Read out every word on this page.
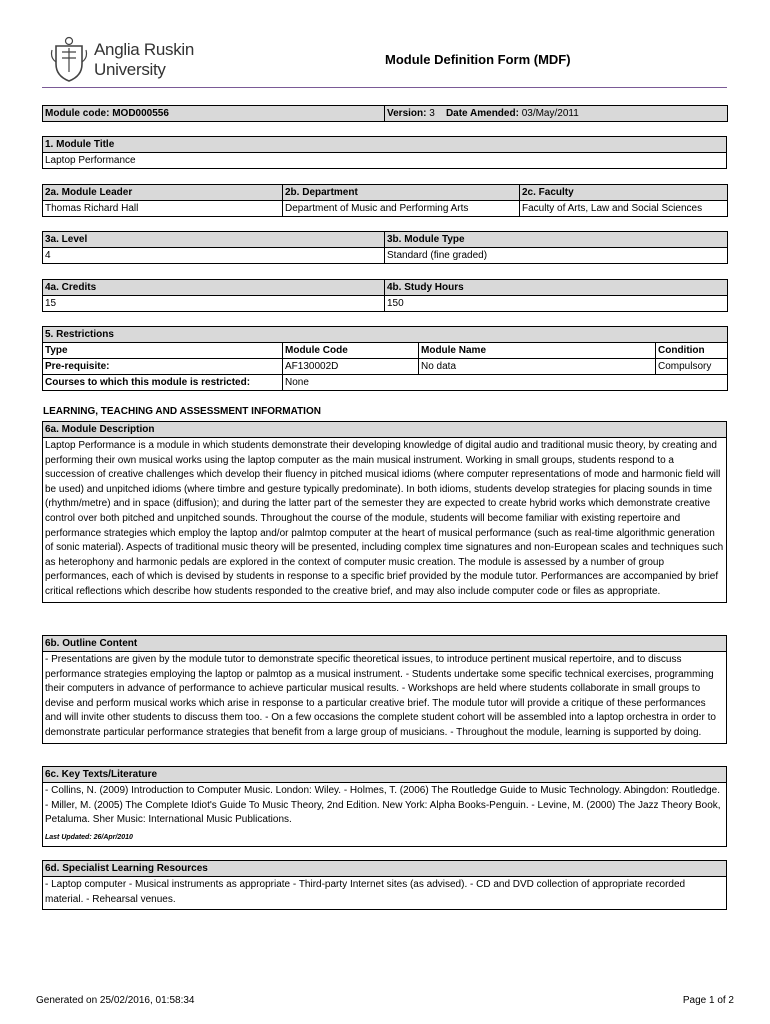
Anglia Ruskin
University
Module Definition Form (MDF)
Module code: MOD000556	Version: 3 Date Amended: 03/May/2011
1. Module Title
Laptop Performance
2a. Module Leader	2b. Department	2c. Faculty
Thomas Richard Hall	Department of Music and Performing Arts	Faculty of Arts, Law and Social Sciences
3a. Level	3b. Module Type
4	Standard (fine graded)
4a. Credits	4b. Study Hours
15	150
5. Restrictions			
Type	Module Code	Module Name	Condition
Pre-requisite:	AF130002D	No data	Compulsory
Courses to which this module is restricted:	None		
LEARNING, TEACHING AND ASSESSMENT INFORMATION
6a. Module Description
Laptop Performance is a module in which students demonstrate their developing knowledge of digital audio and traditional music theory, by creating and performing their own musical works using the laptop computer as the main musical instrument. Working in small groups, students respond to a succession of creative challenges which develop their fluency in pitched musical idioms (where computer representations of mode and harmonic field will be used) and unpitched idioms (where timbre and gesture typically predominate). In both idioms, students develop strategies for placing sounds in time (rhythm/metre) and in space (diffusion); and during the latter part of the semester they are expected to create hybrid works which demonstrate creative control over both pitched and unpitched sounds. Throughout the course of the module, students will become familiar with existing repertoire and performance strategies which employ the laptop and/or palmtop computer at the heart of musical performance (such as real-time algorithmic generation of sonic material). Aspects of traditional music theory will be presented, including complex time signatures and non-European scales and techniques such as heterophony and harmonic pedals are explored in the context of computer music creation. The module is assessed by a number of group performances, each of which is devised by students in response to a specific brief provided by the module tutor. Performances are accompanied by brief critical reflections which describe how students responded to the creative brief, and may also include computer code or files as appropriate.
6b. Outline Content
- Presentations are given by the module tutor to demonstrate specific theoretical issues, to introduce pertinent musical repertoire, and to discuss performance strategies employing the laptop or palmtop as a musical instrument. - Students undertake some specific technical exercises, programming their computers in advance of performance to achieve particular musical results. - Workshops are held where students collaborate in small groups to devise and perform musical works which arise in response to a particular creative brief. The module tutor will provide a critique of these performances and will invite other students to discuss them too. - On a few occasions the complete student cohort will be assembled into a laptop orchestra in order to demonstrate particular performance strategies that benefit from a large group of musicians. - Throughout the module, learning is supported by doing.
6c. Key Texts/Literature
- Collins, N. (2009) Introduction to Computer Music. London: Wiley. - Holmes, T. (2006) The Routledge Guide to Music Technology. Abingdon: Routledge. - Miller, M. (2005) The Complete Idiot's Guide To Music Theory, 2nd Edition. New York: Alpha Books-Penguin. - Levine, M. (2000) The Jazz Theory Book, Petaluma. Sher Music: International Music Publications.
Last Updated: 26/Apr/2010
6d. Specialist Learning Resources
- Laptop computer - Musical instruments as appropriate - Third-party Internet sites (as advised). - CD and DVD collection of appropriate recorded material. - Rehearsal venues.
Generated on 25/02/2016, 01:58:34	Page 1 of 2
